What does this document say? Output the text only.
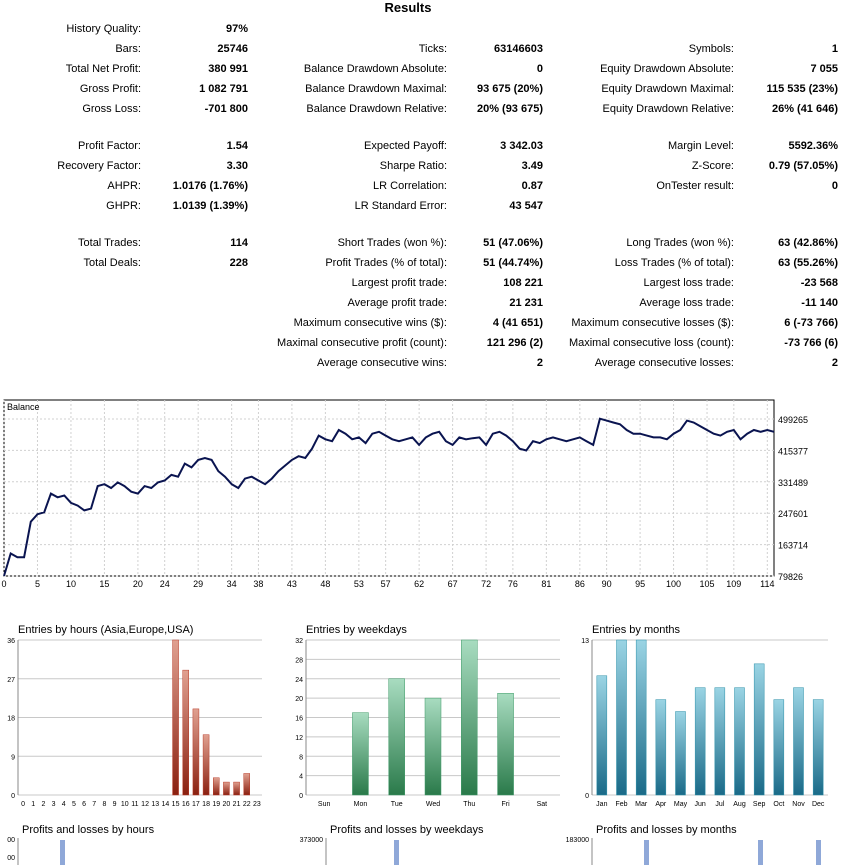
Results
History Quality:	97%
Bars:	25746	Ticks:	63146603	Symbols:	1
Total Net Profit:	380 991	Balance Drawdown Absolute:	0	Equity Drawdown Absolute:	7 055
Gross Profit:	1 082 791	Balance Drawdown Maximal:	93 675 (20%)	Equity Drawdown Maximal:	115 535 (23%)
Gross Loss:	-701 800	Balance Drawdown Relative:	20% (93 675)	Equity Drawdown Relative:	26% (41 646)
Profit Factor:	1.54	Expected Payoff:	3 342.03	Margin Level:	5592.36%
Recovery Factor:	3.30	Sharpe Ratio:	3.49	Z-Score:	0.79 (57.05%)
AHPR:	1.0176 (1.76%)	LR Correlation:	0.87	OnTester result:	0
GHPR:	1.0139 (1.39%)	LR Standard Error:	43 547
Total Trades:	114	Short Trades (won %):	51 (47.06%)	Long Trades (won %):	63 (42.86%)
Total Deals:	228	Profit Trades (% of total):	51 (44.74%)	Loss Trades (% of total):	63 (55.26%)
Largest profit trade:	108 221	Largest loss trade:	-23 568
Average profit trade:	21 231	Average loss trade:	-11 140
Maximum consecutive wins ($):	4 (41 651)	Maximum consecutive losses ($):	6 (-73 766)
Maximal consecutive profit (count):	121 296 (2) Maximal consecutive loss (count):	-73 766 (6)
Average consecutive wins:	2	Average consecutive losses:	2
79826
163714
247601
331489
415377
499265
0	5	10	15	20 24	29	34 38	43	48	53 57	62	67	72 76	81	86 90	95 100 105 109 114
Balance
Entries by hours (Asia,Europe,USA)
0
9
18
27
36
0 1 2 3 4 5 6 7 8 9 10 11 12 13 14 15 16 17 18 19 20 21 22 23
Entries by weekdays
0
4
8
12
16
20
24
28
32
Sun	Mon	Tue	Wed	Thu	Fri	Sat
Entries by months
0
13
Jan Feb Mar Apr May Jun Jul Aug Sep Oct Nov Dec
Profits and losses by hours
00
00
Profits and losses by weekdays
373000
Profits and losses by months
183000
